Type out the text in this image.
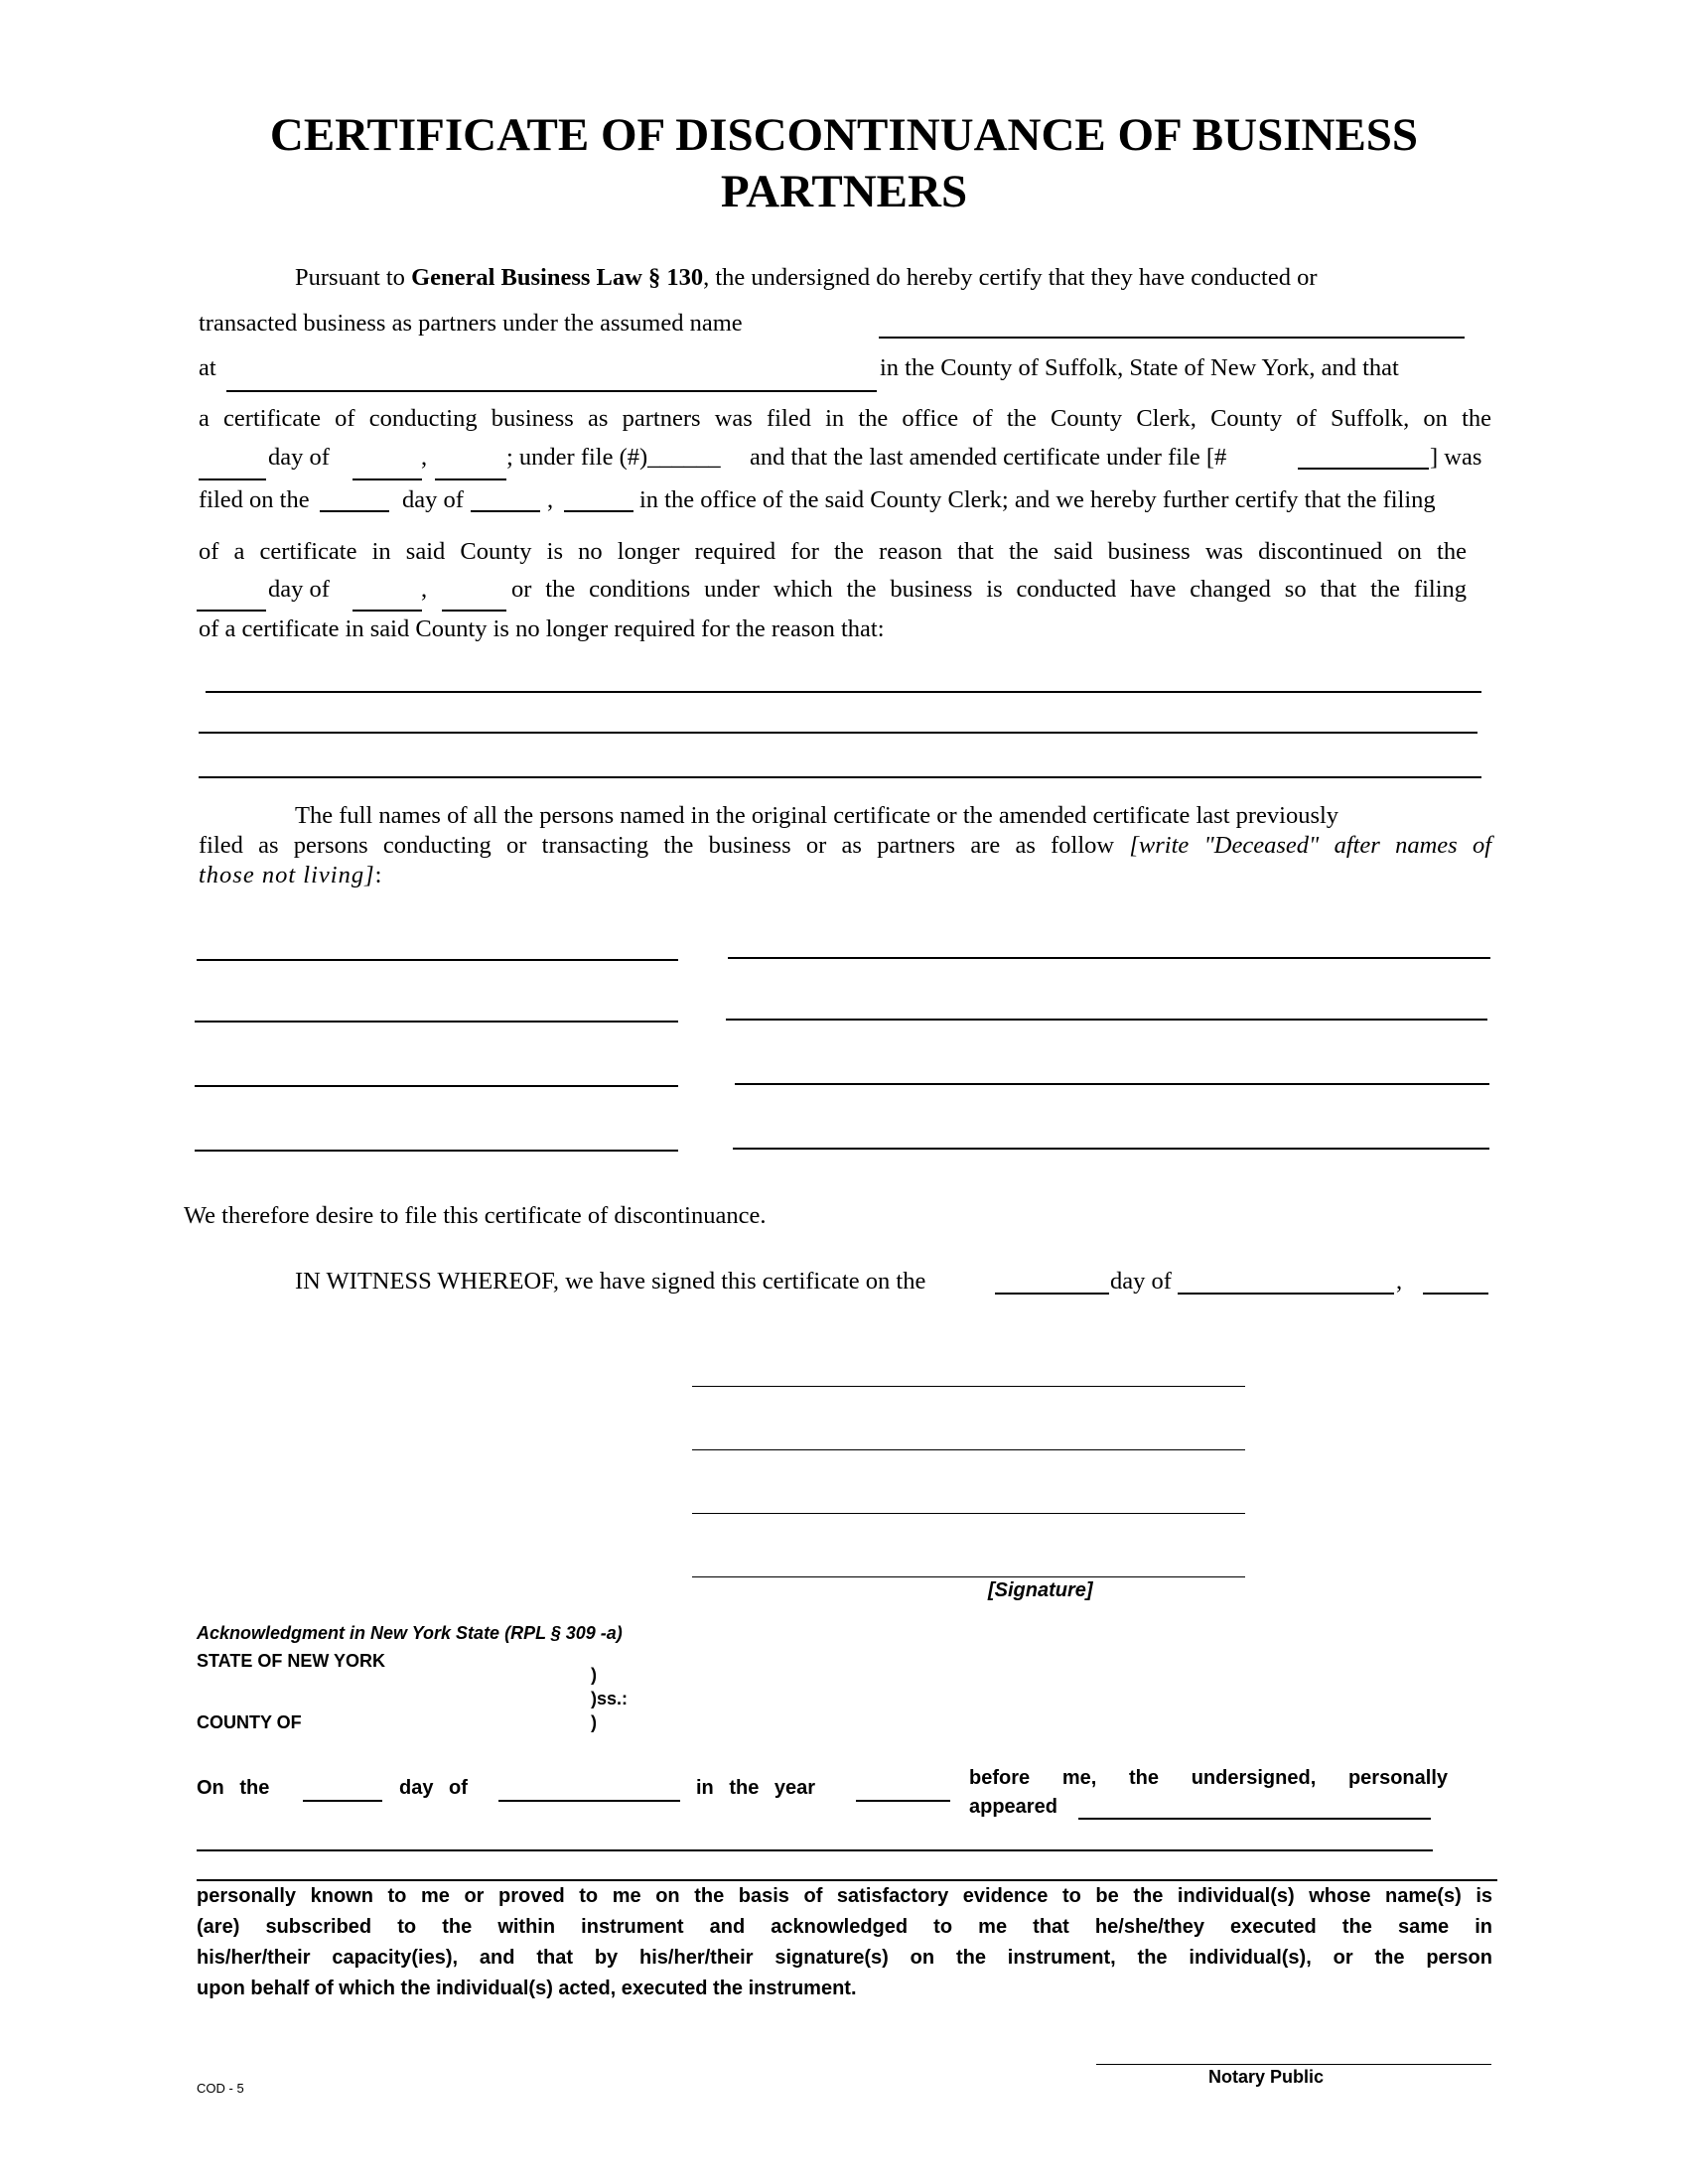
CERTIFICATE OF DISCONTINUANCE OF BUSINESS
PARTNERS
Pursuant to General Business Law § 130, the undersigned do hereby certify that they have conducted or
transacted business as partners under the assumed name
at	in the County of Suffolk, State of New York, and that
a certificate of conducting business as partners was filed in the office of the County Clerk, County of Suffolk, on the
day of	,	; under file (#)______ and that the last amended certificate under file [#	] was
filed on the	day of	,	in the office of the said County Clerk; and we hereby further certify that the filing
of a certificate in said County is no longer required for the reason that the said business was discontinued on the
day of	,	or the conditions under which the business is conducted have changed so that the filing
of a certificate in said County is no longer required for the reason that:
The full names of all the persons named in the original certificate or the amended certificate last previously
filed as persons conducting or transacting the business or as partners are as follow [write "Deceased" after names of
those not living]:
We therefore desire to file this certificate of discontinuance.
IN WITNESS WHEREOF, we have signed this certificate on the	day of	,
[Signature]
Acknowledgment in New York State (RPL § 309 -a)
STATE OF NEW YORK
)
)ss.:
COUNTY OF	)
On the	day of	in the year	before me, the undersigned, personally
appeared
personally known to me or proved to me on the basis of satisfactory evidence to be the individual(s) whose name(s) is
(are) subscribed to the within instrument and acknowledged to me that he/she/they executed the same in
his/her/their capacity(ies), and that by his/her/their signature(s) on the instrument, the individual(s), or the person
upon behalf of which the individual(s) acted, executed the instrument.
Notary Public
COD - 5
